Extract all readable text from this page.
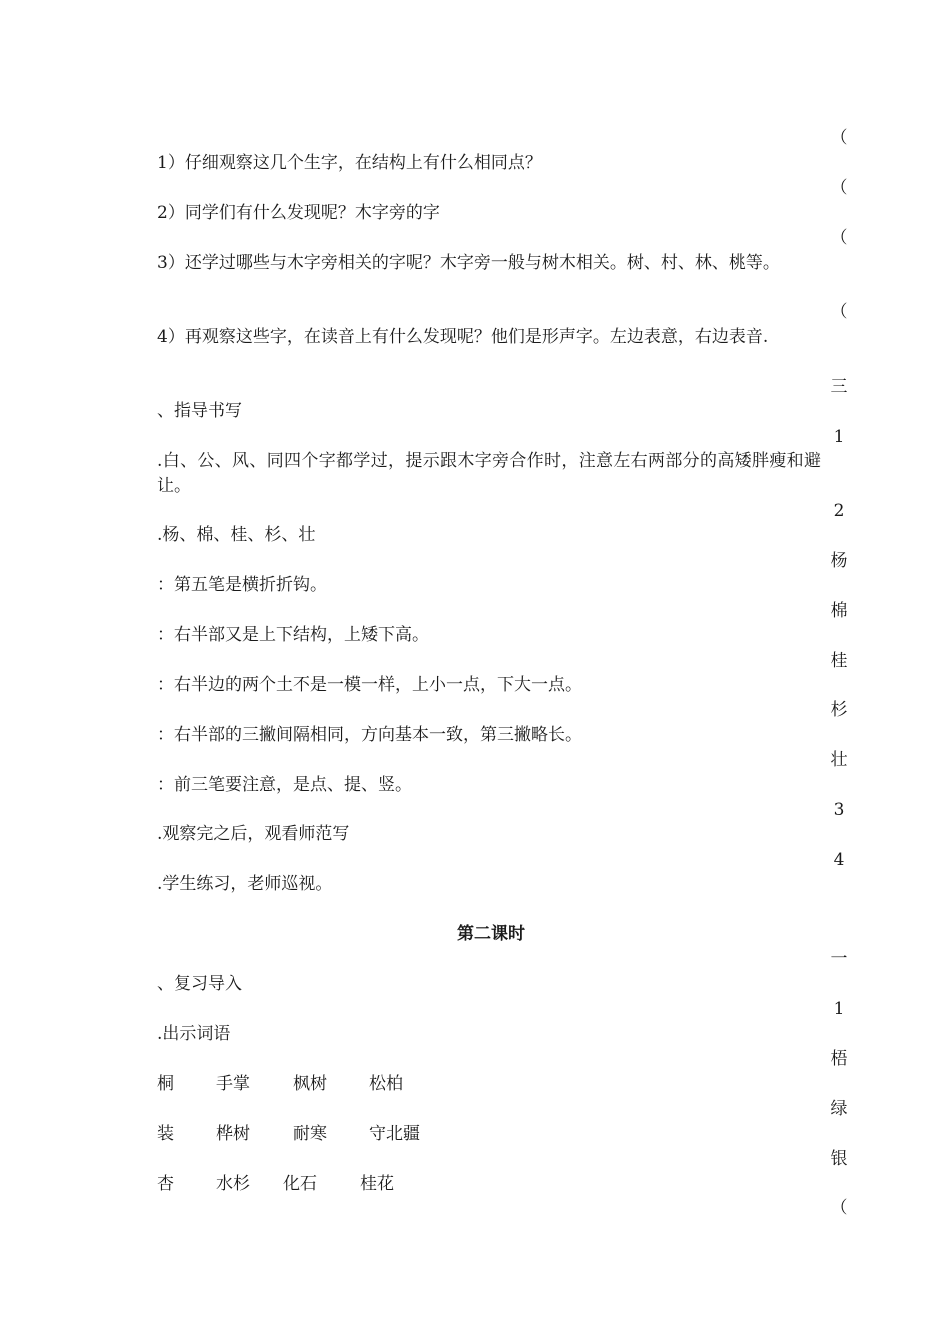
1）仔细观察这几个生字，在结构上有什么相同点？
2）同学们有什么发现呢？木字旁的字
3）还学过哪些与木字旁相关的字呢？木字旁一般与树木相关。树、村、林、桃等。
4）再观察这些字，在读音上有什么发现呢？他们是形声字。左边表意，右边表音.
、指导书写
.白、公、风、同四个字都学过，提示跟木字旁合作时，注意左右两部分的高矮胖瘦和避让。
.杨、棉、桂、杉、壮
：第五笔是横折折钩。
：右半部又是上下结构，上矮下高。
：右半边的两个土不是一模一样，上小一点，下大一点。
：右半部的三撇间隔相同，方向基本一致，第三撇略长。
：前三笔要注意，是点、提、竖。
.观察完之后，观看师范写
.学生练习，老师巡视。
第二课时
、复习导入
.出示词语
桐 手掌	枫树 松柏
装 桦树	耐寒 守北疆
杏 水杉 化石	桂花
（
（
（
（
三
1
2
杨
棉
桂
杉
壮
3
4
一
1
梧
绿
银
（
